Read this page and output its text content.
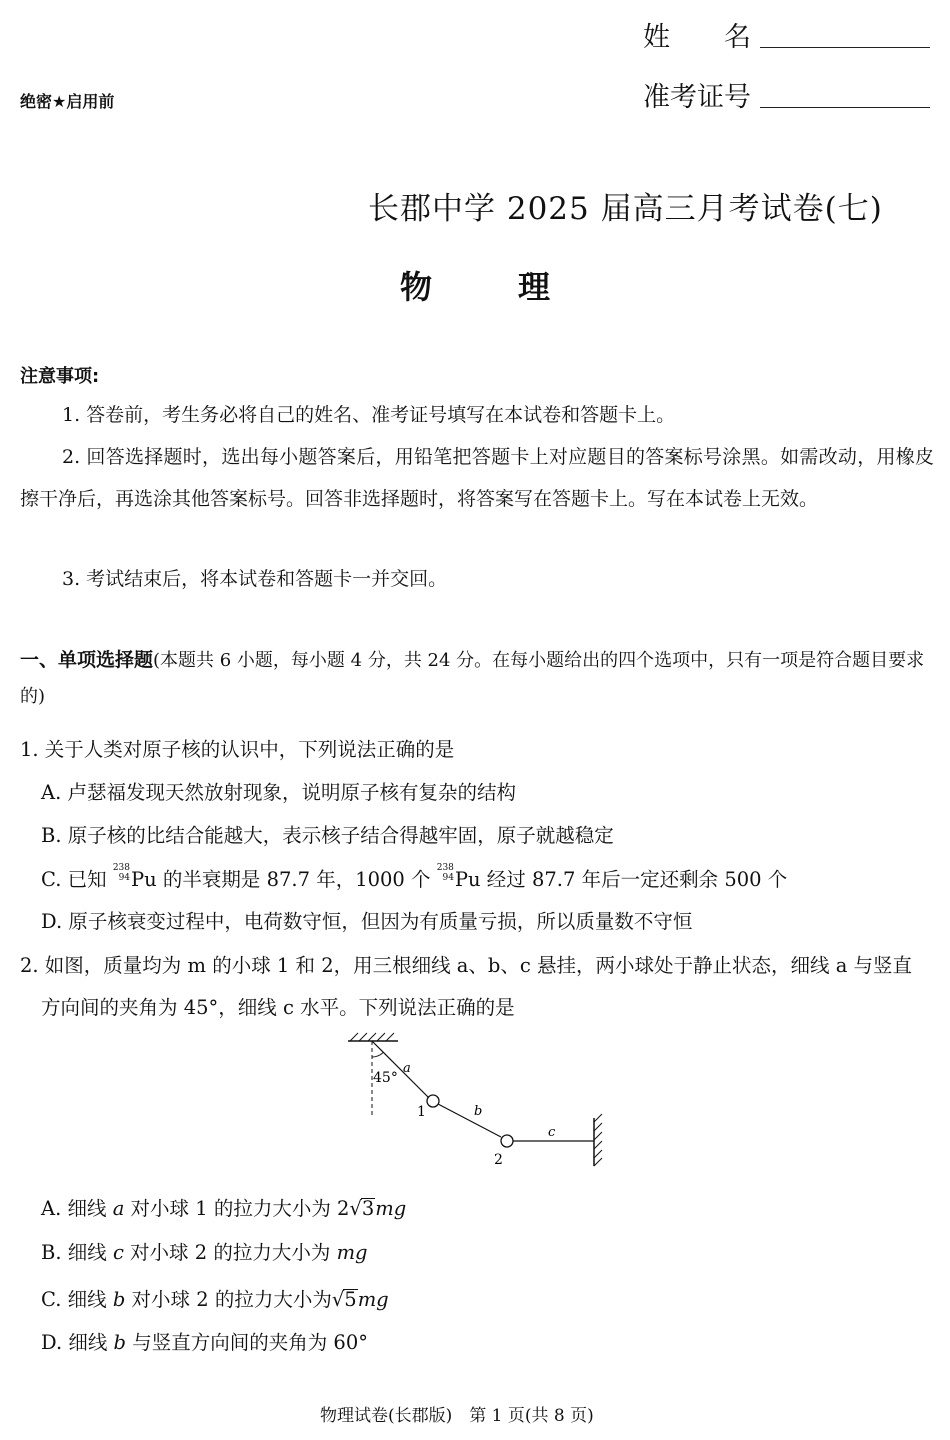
姓　　名
准考证号
绝密★启用前
长郡中学 2025 届高三月考试卷(七)
物理
注意事项:
1. 答卷前，考生务必将自己的姓名、准考证号填写在本试卷和答题卡上。
2. 回答选择题时，选出每小题答案后，用铅笔把答题卡上对应题目的答案标号涂黑。如需改动，用橡皮擦干净后，再选涂其他答案标号。回答非选择题时，将答案写在答题卡上。写在本试卷上无效。
3. 考试结束后，将本试卷和答题卡一并交回。
一、单项选择题(本题共 6 小题，每小题 4 分，共 24 分。在每小题给出的四个选项中，只有一项是符合题目要求的)
1. 关于人类对原子核的认识中，下列说法正确的是
A. 卢瑟福发现天然放射现象，说明原子核有复杂的结构
B. 原子核的比结合能越大，表示核子结合得越牢固，原子就越稳定
C. 已知 $^{238 94}$Pu 的半衰期是 87.7 年，1000 个 $^{238 94}$Pu 经过 87.7 年后一定还剩余 500 个
D. 原子核衰变过程中，电荷数守恒，但因为有质量亏损，所以质量数不守恒
2. 如图，质量均为 m 的小球 1 和 2，用三根细线 a、b、c 悬挂，两小球处于静止状态，细线 a 与竖直
方向间的夹角为 45°，细线 c 水平。下列说法正确的是
45°
a
1	b
2
c
A. 细线 a 对小球 1 的拉力大小为 2√3mg
B. 细线 c 对小球 2 的拉力大小为 mg
C. 细线 b 对小球 2 的拉力大小为√5mg
D. 细线 b 与竖直方向间的夹角为 60°
物理试卷(长郡版)　第 1 页(共 8 页)
